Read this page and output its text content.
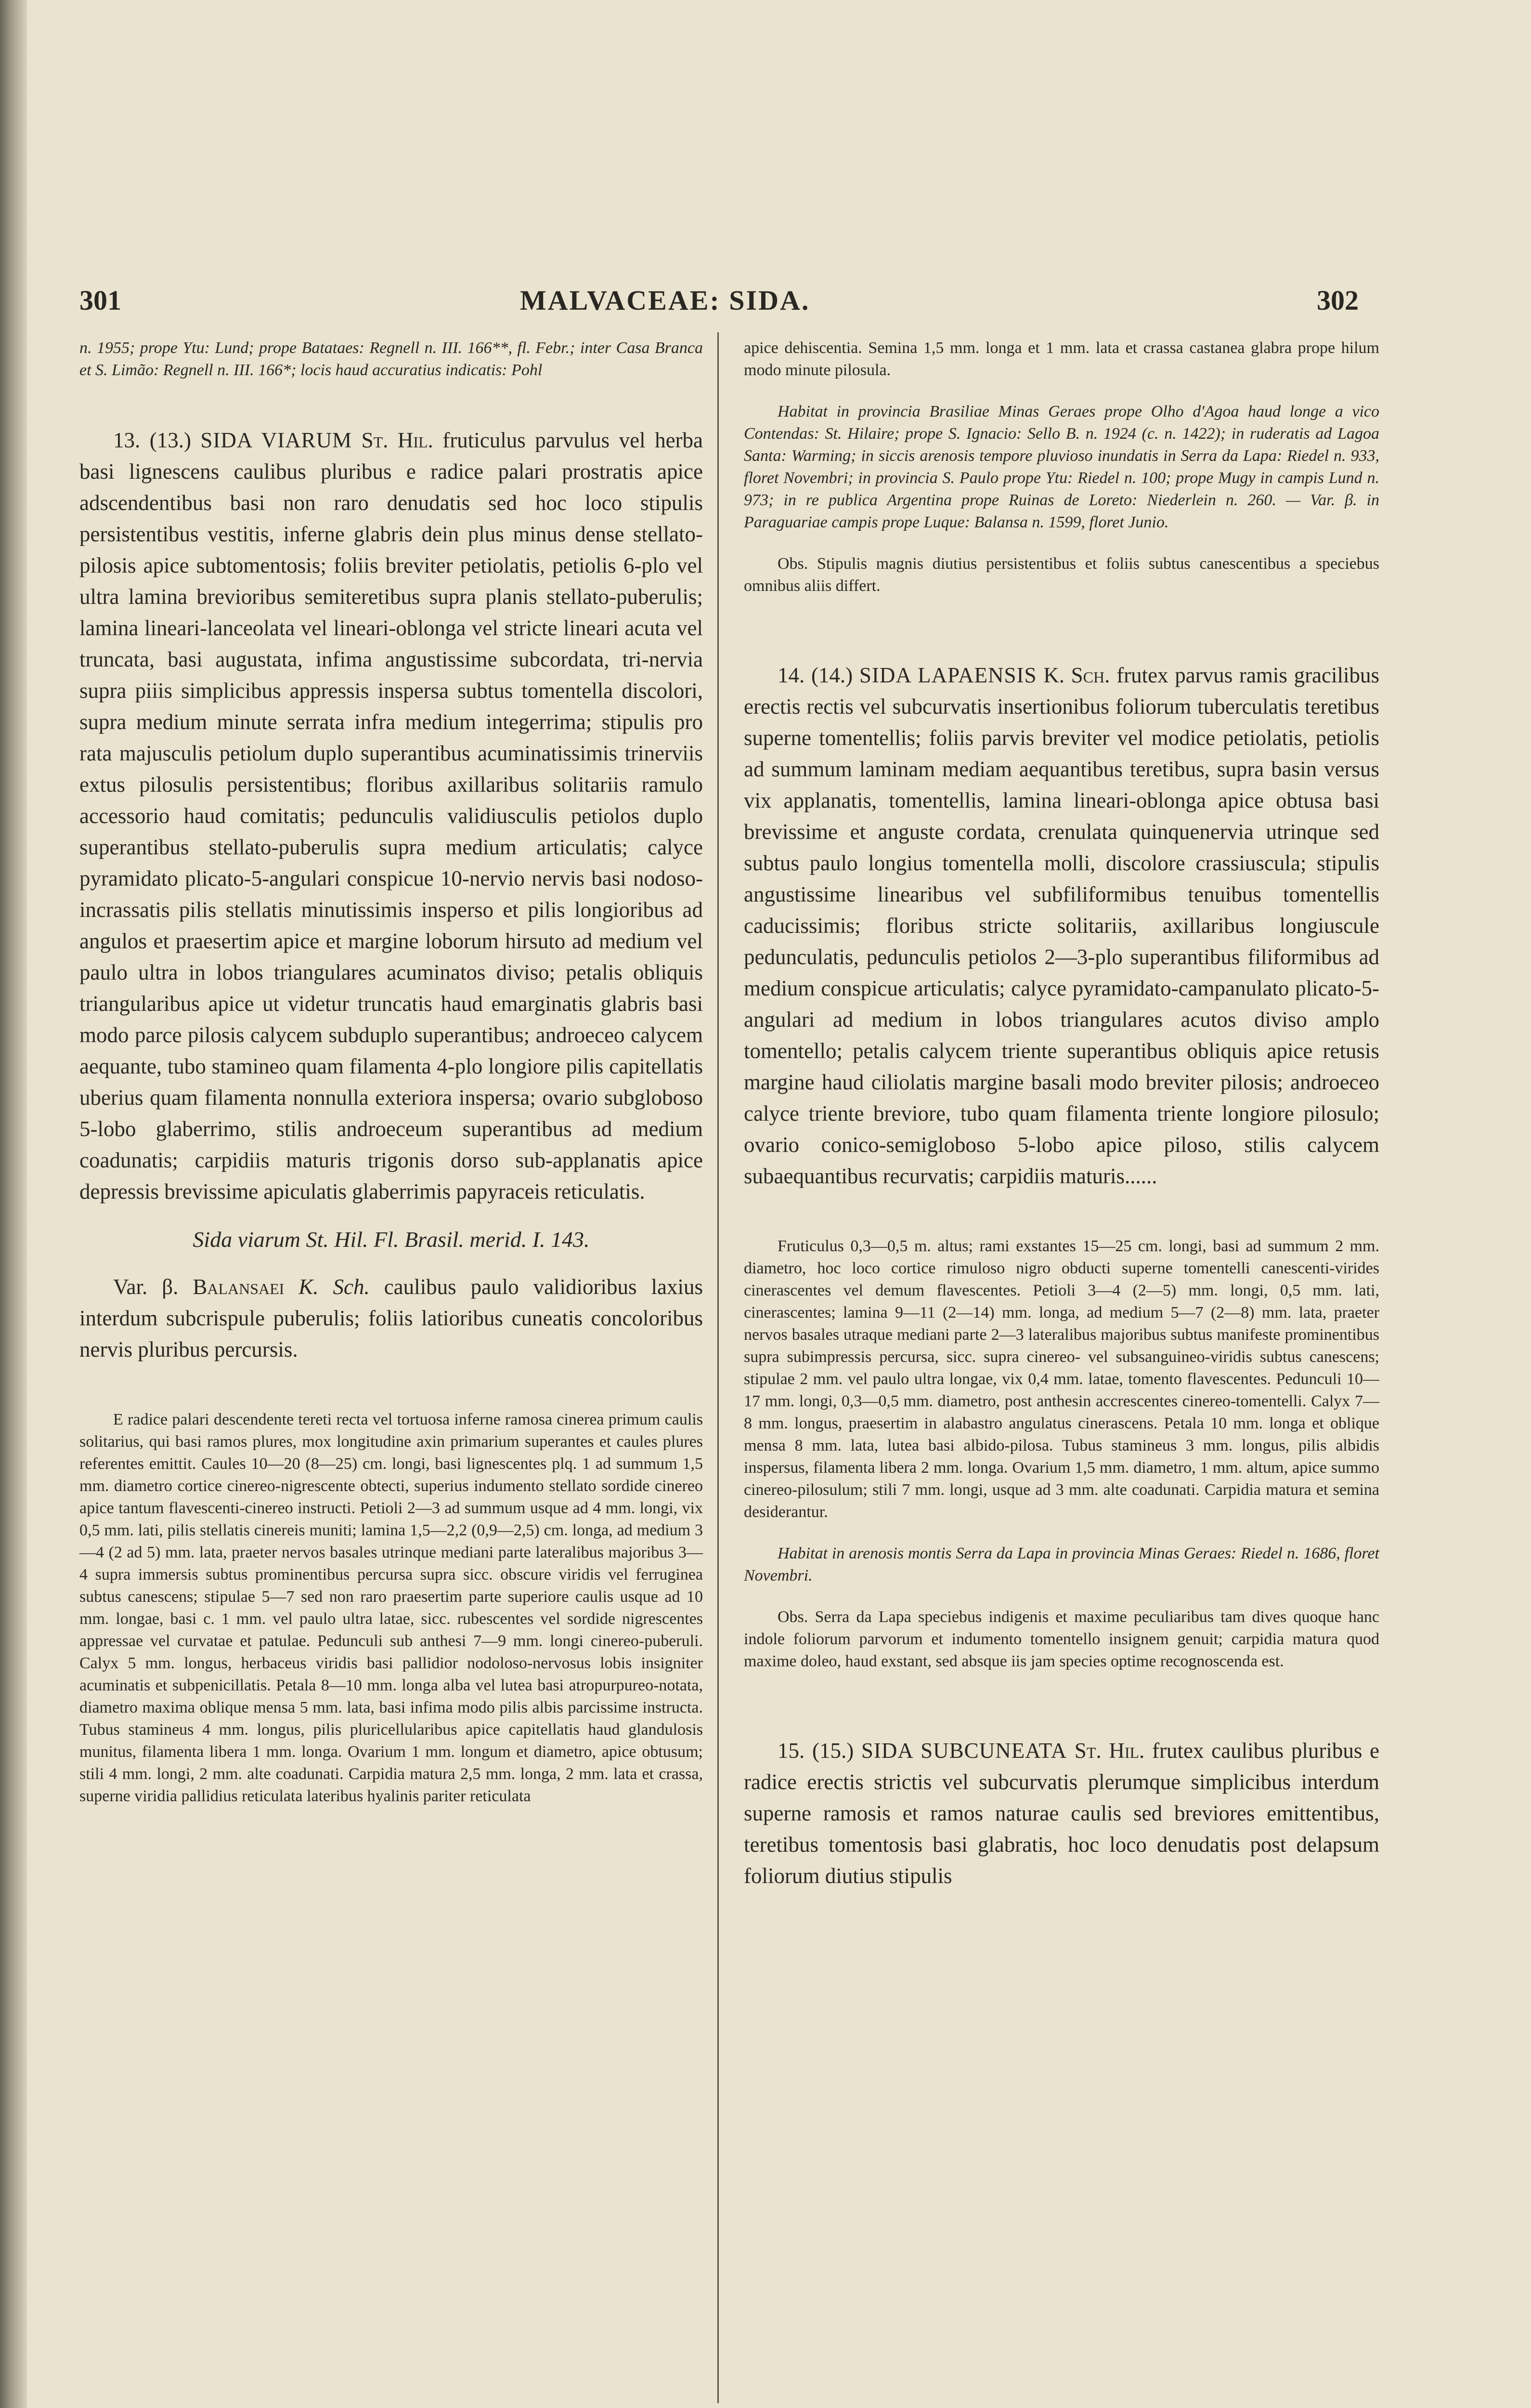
301	MALVACEAE: SIDA.	302

n. 1955; prope Ytu: Lund; prope Batataes: Regnell n. III. 166**, fl. Febr.; inter Casa Branca et S. Limão: Regnell n. III. 166*; locis haud accuratius indicatis: Pohl

13. (13.) SIDA VIARUM St. Hil. fruticulus parvulus vel herba basi lignescens caulibus pluribus e radice palari prostratis apice adscendentibus basi non raro denudatis sed hoc loco stipulis persistentibus vestitis, inferne glabris dein plus minus dense stellato-pilosis apice subtomentosis; foliis breviter petiolatis, petiolis 6-plo vel ultra lamina brevioribus semiteretibus supra planis stellato-puberulis; lamina lineari-lanceolata vel lineari-oblonga vel stricte lineari acuta vel truncata, basi augustata, infima angustissime subcordata, tri-nervia supra piiis simplicibus appressis inspersa subtus tomentella discolori, supra medium minute serrata infra medium integerrima; stipulis pro rata majusculis petiolum duplo superantibus acuminatissimis trinerviis extus pilosulis persistentibus; floribus axillaribus solitariis ramulo accessorio haud comitatis; pedunculis validiusculis petiolos duplo superantibus stellato-puberulis supra medium articulatis; calyce pyramidato plicato-5-angulari conspicue 10-nervio nervis basi nodoso-incrassatis pilis stellatis minutissimis insperso et pilis longioribus ad angulos et praesertim apice et margine loborum hirsuto ad medium vel paulo ultra in lobos triangulares acuminatos diviso; petalis obliquis triangularibus apice ut videtur truncatis haud emarginatis glabris basi modo parce pilosis calycem subduplo superantibus; androeceo calycem aequante, tubo stamineo quam filamenta 4-plo longiore pilis capitellatis uberius quam filamenta nonnulla exteriora inspersa; ovario subgloboso 5-lobo glaberrimo, stilis androeceum superantibus ad medium coadunatis; carpidiis maturis trigonis dorso sub-applanatis apice depressis brevissime apiculatis glaberrimis papyraceis reticulatis.

Sida viarum St. Hil. Fl. Brasil. merid. I. 143.

Var. β. Balansaei K. Sch. caulibus paulo validioribus laxius interdum subcrispule puberulis; foliis latioribus cuneatis concoloribus nervis pluribus percursis.

E radice palari descendente tereti recta vel tortuosa inferne ramosa cinerea primum caulis solitarius, qui basi ramos plures, mox longitudine axin primarium superantes et caules plures referentes emittit. Caules 10—20 (8—25) cm. longi, basi lignescentes plq. 1 ad summum 1,5 mm. diametro cortice cinereo-nigrescente obtecti, superius indumento stellato sordide cinereo apice tantum flavescenti-cinereo instructi. Petioli 2—3 ad summum usque ad 4 mm. longi, vix 0,5 mm. lati, pilis stellatis cinereis muniti; lamina 1,5—2,2 (0,9—2,5) cm. longa, ad medium 3—4 (2 ad 5) mm. lata, praeter nervos basales utrinque mediani parte lateralibus majoribus 3—4 supra immersis subtus prominentibus percursa supra sicc. obscure viridis vel ferruginea subtus canescens; stipulae 5—7 sed non raro praesertim parte superiore caulis usque ad 10 mm. longae, basi c. 1 mm. vel paulo ultra latae, sicc. rubescentes vel sordide nigrescentes appressae vel curvatae et patulae. Pedunculi sub anthesi 7—9 mm. longi cinereo-puberuli. Calyx 5 mm. longus, herbaceus viridis basi pallidior nodoloso-nervosus lobis insigniter acuminatis et subpenicillatis. Petala 8—10 mm. longa alba vel lutea basi atropurpureo-notata, diametro maxima oblique mensa 5 mm. lata, basi infima modo pilis albis parcissime instructa. Tubus stamineus 4 mm. longus, pilis pluricellularibus apice capitellatis haud glandulosis munitus, filamenta libera 1 mm. longa. Ovarium 1 mm. longum et diametro, apice obtusum; stili 4 mm. longi, 2 mm. alte coadunati. Carpidia matura 2,5 mm. longa, 2 mm. lata et crassa, superne viridia pallidius reticulata lateribus hyalinis pariter reticulata

apice dehiscentia. Semina 1,5 mm. longa et 1 mm. lata et crassa castanea glabra prope hilum modo minute pilosula.

Habitat in provincia Brasiliae Minas Geraes prope Olho d'Agoa haud longe a vico Contendas: St. Hilaire; prope S. Ignacio: Sello B. n. 1924 (c. n. 1422); in ruderatis ad Lagoa Santa: Warming; in siccis arenosis tempore pluvioso inundatis in Serra da Lapa: Riedel n. 933, floret Novembri; in provincia S. Paulo prope Ytu: Riedel n. 100; prope Mugy in campis Lund n. 973; in re publica Argentina prope Ruinas de Loreto: Niederlein n. 260. — Var. β. in Paraguariae campis prope Luque: Balansa n. 1599, floret Junio.

Obs. Stipulis magnis diutius persistentibus et foliis subtus canescentibus a speciebus omnibus aliis differt.

14. (14.) SIDA LAPAENSIS K. Sch. frutex parvus ramis gracilibus erectis rectis vel subcurvatis insertionibus foliorum tuberculatis teretibus superne tomentellis; foliis parvis breviter vel modice petiolatis, petiolis ad summum laminam mediam aequantibus teretibus, supra basin versus vix applanatis, tomentellis, lamina lineari-oblonga apice obtusa basi brevissime et anguste cordata, crenulata quinquenervia utrinque sed subtus paulo longius tomentella molli, discolore crassiuscula; stipulis angustissime linearibus vel subfiliformibus tenuibus tomentellis caducissimis; floribus stricte solitariis, axillaribus longiuscule pedunculatis, pedunculis petiolos 2—3-plo superantibus filiformibus ad medium conspicue articulatis; calyce pyramidato-campanulato plicato-5-angulari ad medium in lobos triangulares acutos diviso amplo tomentello; petalis calycem triente superantibus obliquis apice retusis margine haud ciliolatis margine basali modo breviter pilosis; androeceo calyce triente breviore, tubo quam filamenta triente longiore pilosulo; ovario conico-semigloboso 5-lobo apice piloso, stilis calycem subaequantibus recurvatis; carpidiis maturis......

Fruticulus 0,3—0,5 m. altus; rami exstantes 15—25 cm. longi, basi ad summum 2 mm. diametro, hoc loco cortice rimuloso nigro obducti superne tomentelli canescenti-virides cinerascentes vel demum flavescentes. Petioli 3—4 (2—5) mm. longi, 0,5 mm. lati, cinerascentes; lamina 9—11 (2—14) mm. longa, ad medium 5—7 (2—8) mm. lata, praeter nervos basales utraque mediani parte 2—3 lateralibus majoribus subtus manifeste prominentibus supra subimpressis percursa, sicc. supra cinereo- vel subsanguineo-viridis subtus canescens; stipulae 2 mm. vel paulo ultra longae, vix 0,4 mm. latae, tomento flavescentes. Pedunculi 10—17 mm. longi, 0,3—0,5 mm. diametro, post anthesin accrescentes cinereo-tomentelli. Calyx 7—8 mm. longus, praesertim in alabastro angulatus cinerascens. Petala 10 mm. longa et oblique mensa 8 mm. lata, lutea basi albido-pilosa. Tubus stamineus 3 mm. longus, pilis albidis inspersus, filamenta libera 2 mm. longa. Ovarium 1,5 mm. diametro, 1 mm. altum, apice summo cinereo-pilosulum; stili 7 mm. longi, usque ad 3 mm. alte coadunati. Carpidia matura et semina desiderantur.

Habitat in arenosis montis Serra da Lapa in provincia Minas Geraes: Riedel n. 1686, floret Novembri.

Obs. Serra da Lapa speciebus indigenis et maxime peculiaribus tam dives quoque hanc indole foliorum parvorum et indumento tomentello insignem genuit; carpidia matura quod maxime doleo, haud exstant, sed absque iis jam species optime recognoscenda est.

15. (15.) SIDA SUBCUNEATA St. Hil. frutex caulibus pluribus e radice erectis strictis vel subcurvatis plerumque simplicibus interdum superne ramosis et ramos naturae caulis sed breviores emittentibus, teretibus tomentosis basi glabratis, hoc loco denudatis post delapsum foliorum diutius stipulis
